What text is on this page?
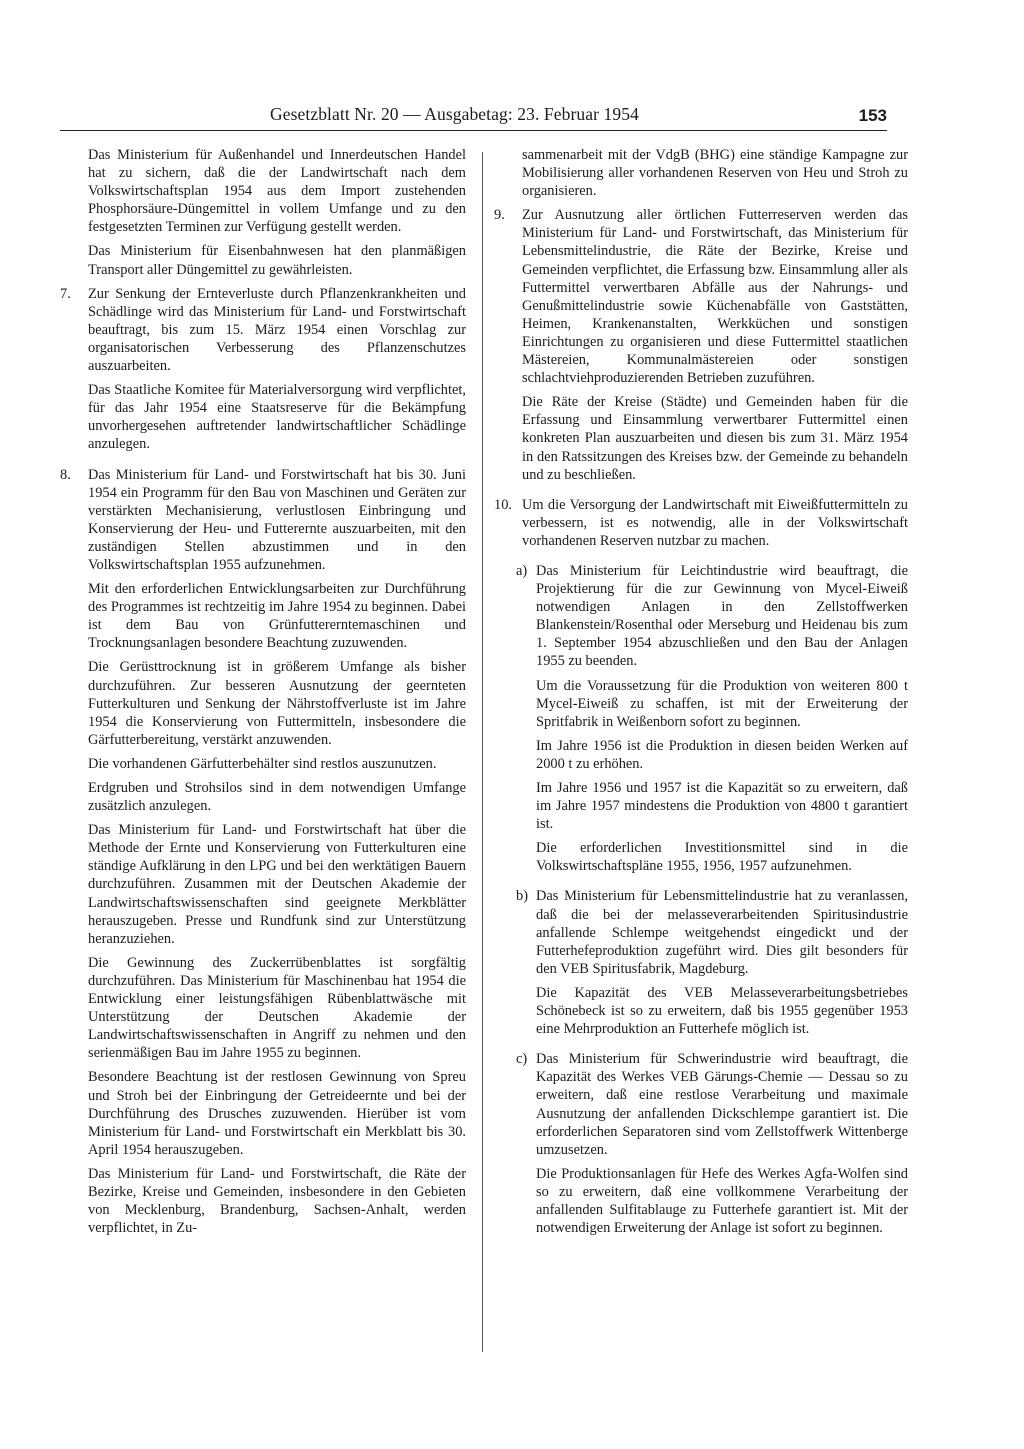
Gesetzblatt Nr. 20 — Ausgabetag: 23. Februar 1954	153

Das Ministerium für Außenhandel und Innerdeutschen Handel hat zu sichern, daß die der Landwirtschaft nach dem Volkswirtschaftsplan 1954 aus dem Import zustehenden Phosphorsäure-Düngemittel in vollem Umfange und zu den festgesetzten Terminen zur Verfügung gestellt werden.

Das Ministerium für Eisenbahnwesen hat den planmäßigen Transport aller Düngemittel zu gewährleisten.

7.	Zur Senkung der Ernteverluste durch Pflanzenkrankheiten und Schädlinge wird das Ministerium für Land- und Forstwirtschaft beauftragt, bis zum 15. März 1954 einen Vorschlag zur organisatorischen Verbesserung des Pflanzenschutzes auszuarbeiten.

Das Staatliche Komitee für Materialversorgung wird verpflichtet, für das Jahr 1954 eine Staatsreserve für die Bekämpfung unvorhergesehen auftretender landwirtschaftlicher Schädlinge anzulegen.

8.	Das Ministerium für Land- und Forstwirtschaft hat bis 30. Juni 1954 ein Programm für den Bau von Maschinen und Geräten zur verstärkten Mechanisierung, verlustlosen Einbringung und Konservierung der Heu- und Futterernte auszuarbeiten, mit den zuständigen Stellen abzustimmen und in den Volkswirtschaftsplan 1955 aufzunehmen.

Mit den erforderlichen Entwicklungsarbeiten zur Durchführung des Programmes ist rechtzeitig im Jahre 1954 zu beginnen. Dabei ist dem Bau von Grünfuttererntemaschinen und Trocknungsanlagen besondere Beachtung zuzuwenden.

Die Gerüsttrocknung ist in größerem Umfange als bisher durchzuführen. Zur besseren Ausnutzung der geernteten Futterkulturen und Senkung der Nährstoffverluste ist im Jahre 1954 die Konservierung von Futtermitteln, insbesondere die Gärfutterbereitung, verstärkt anzuwenden.

Die vorhandenen Gärfutterbehälter sind restlos auszunutzen.

Erdgruben und Strohsilos sind in dem notwendigen Umfange zusätzlich anzulegen.

Das Ministerium für Land- und Forstwirtschaft hat über die Methode der Ernte und Konservierung von Futterkulturen eine ständige Aufklärung in den LPG und bei den werktätigen Bauern durchzuführen. Zusammen mit der Deutschen Akademie der Landwirtschaftswissenschaften sind geeignete Merkblätter herauszugeben. Presse und Rundfunk sind zur Unterstützung heranzuziehen.

Die Gewinnung des Zuckerrübenblattes ist sorgfältig durchzuführen. Das Ministerium für Maschinenbau hat 1954 die Entwicklung einer leistungsfähigen Rübenblattwäsche mit Unterstützung der Deutschen Akademie der Landwirtschaftswissenschaften in Angriff zu nehmen und den serienmäßigen Bau im Jahre 1955 zu beginnen.

Besondere Beachtung ist der restlosen Gewinnung von Spreu und Stroh bei der Einbringung der Getreideernte und bei der Durchführung des Drusches zuzuwenden. Hierüber ist vom Ministerium für Land- und Forstwirtschaft ein Merkblatt bis 30. April 1954 herauszugeben.

Das Ministerium für Land- und Forstwirtschaft, die Räte der Bezirke, Kreise und Gemeinden, insbesondere in den Gebieten von Mecklenburg, Brandenburg, Sachsen-Anhalt, werden verpflichtet, in Zu-

sammenarbeit mit der VdgB (BHG) eine ständige Kampagne zur Mobilisierung aller vorhandenen Reserven von Heu und Stroh zu organisieren.

9.	Zur Ausnutzung aller örtlichen Futterreserven werden das Ministerium für Land- und Forstwirtschaft, das Ministerium für Lebensmittelindustrie, die Räte der Bezirke, Kreise und Gemeinden verpflichtet, die Erfassung bzw. Einsammlung aller als Futtermittel verwertbaren Abfälle aus der Nahrungs- und Genußmittelindustrie sowie Küchenabfälle von Gaststätten, Heimen, Krankenanstalten, Werkküchen und sonstigen Einrichtungen zu organisieren und diese Futtermittel staatlichen Mästereien, Kommunalmästereien oder sonstigen schlachtviehproduzierenden Betrieben zuzuführen.

Die Räte der Kreise (Städte) und Gemeinden haben für die Erfassung und Einsammlung verwertbarer Futtermittel einen konkreten Plan auszuarbeiten und diesen bis zum 31. März 1954 in den Ratssitzungen des Kreises bzw. der Gemeinde zu behandeln und zu beschließen.

10. Um die Versorgung der Landwirtschaft mit Eiweißfuttermitteln zu verbessern, ist es notwendig, alle in der Volkswirtschaft vorhandenen Reserven nutzbar zu machen.

a) Das Ministerium für Leichtindustrie wird beauftragt, die Projektierung für die zur Gewinnung von Mycel-Eiweiß notwendigen Anlagen in den Zellstoffwerken Blankenstein/Rosenthal oder Merseburg und Heidenau bis zum 1. September 1954 abzuschließen und den Bau der Anlagen 1955 zu beenden.

Um die Voraussetzung für die Produktion von weiteren 800 t Mycel-Eiweiß zu schaffen, ist mit der Erweiterung der Spritfabrik in Weißenborn sofort zu beginnen.

Im Jahre 1956 ist die Produktion in diesen beiden Werken auf 2000 t zu erhöhen.

Im Jahre 1956 und 1957 ist die Kapazität so zu erweitern, daß im Jahre 1957 mindestens die Produktion von 4800 t garantiert ist.

Die erforderlichen Investitionsmittel sind in die Volkswirtschaftspläne 1955, 1956, 1957 aufzunehmen.

b) Das Ministerium für Lebensmittelindustrie hat zu veranlassen, daß die bei der melasseverarbeitenden Spiritusindustrie anfallende Schlempe weitgehendst eingedickt und der Futterhefeproduktion zugeführt wird. Dies gilt besonders für den VEB Spiritusfabrik, Magdeburg.

Die Kapazität des VEB Melasseverarbeitungsbetriebes Schönebeck ist so zu erweitern, daß bis 1955 gegenüber 1953 eine Mehrproduktion an Futterhefe möglich ist.

c) Das Ministerium für Schwerindustrie wird beauftragt, die Kapazität des Werkes VEB Gärungs-Chemie — Dessau so zu erweitern, daß eine restlose Verarbeitung und maximale Ausnutzung der anfallenden Dickschlempe garantiert ist. Die erforderlichen Separatoren sind vom Zellstoffwerk Wittenberge umzusetzen.

Die Produktionsanlagen für Hefe des Werkes Agfa-Wolfen sind so zu erweitern, daß eine vollkommene Verarbeitung der anfallenden Sulfitablauge zu Futterhefe garantiert ist. Mit der notwendigen Erweiterung der Anlage ist sofort zu beginnen.
